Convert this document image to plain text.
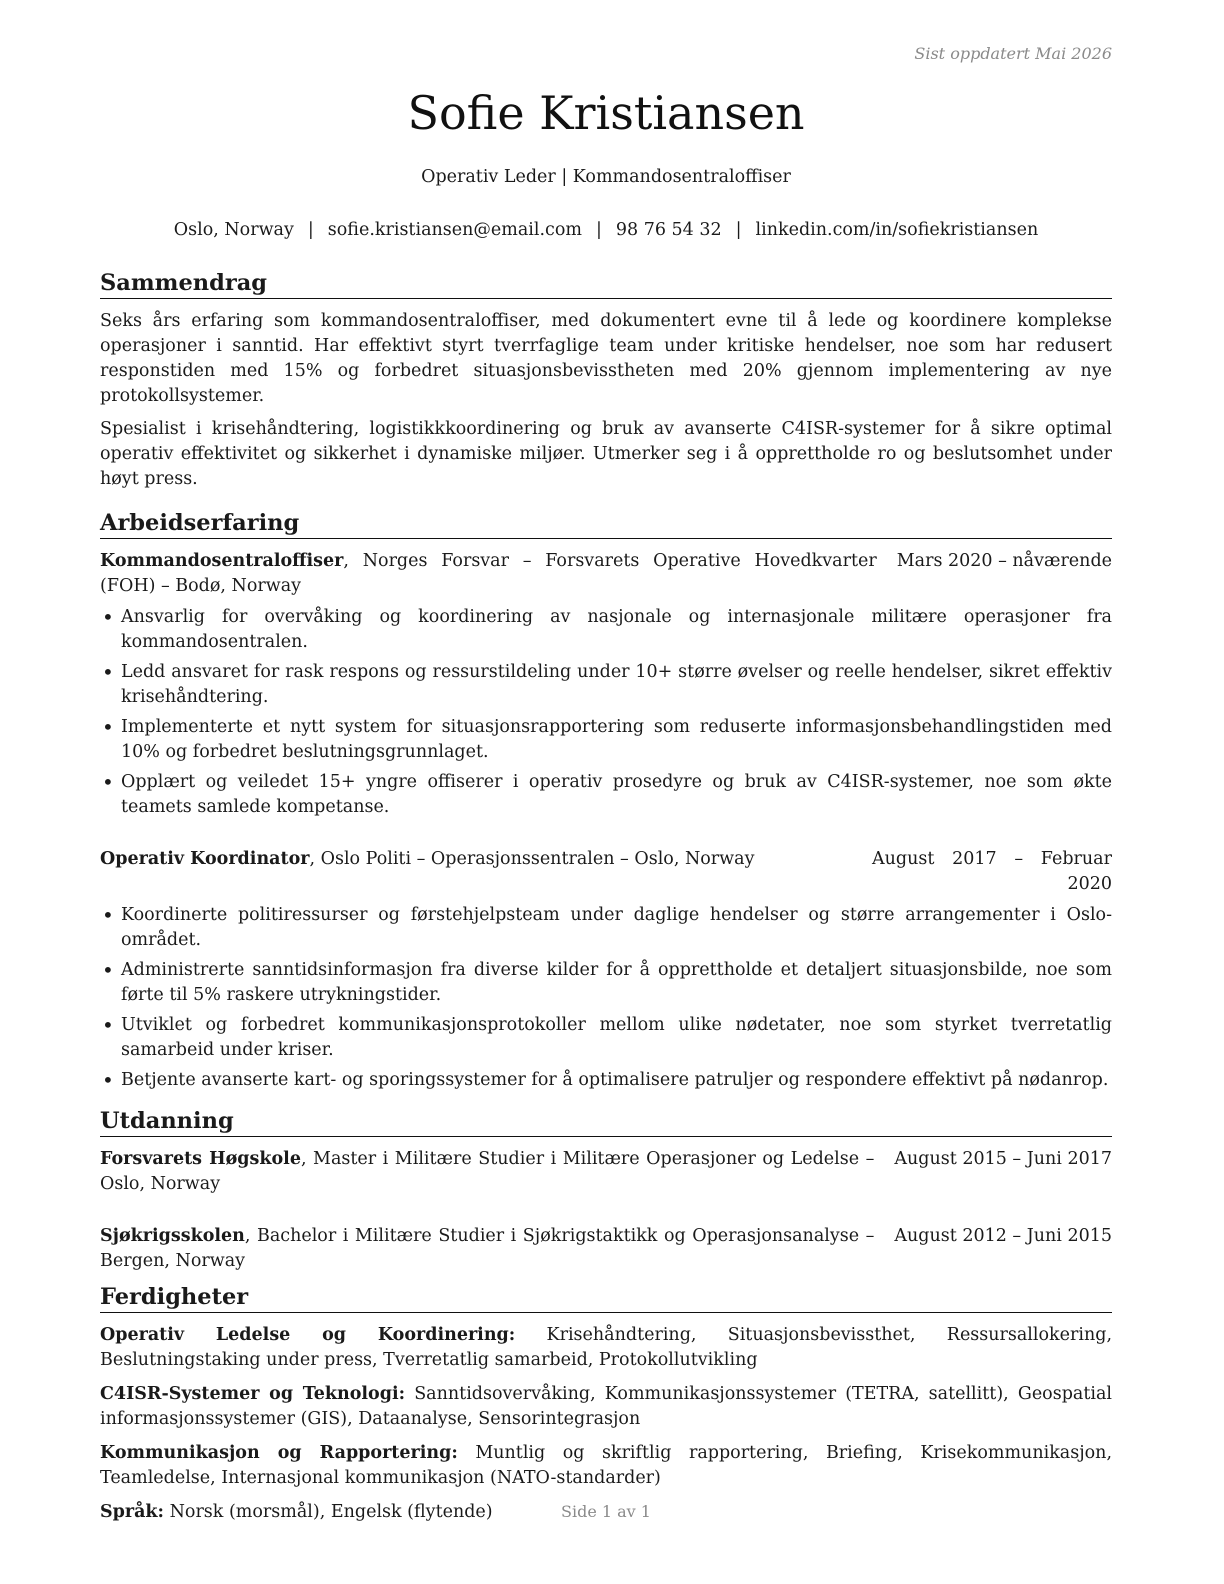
Sist oppdatert Mai 2026
Sofie Kristiansen
Operativ Leder | Kommandosentraloffiser
Oslo, Norway | sofie.kristiansen@email.com | 98 76 54 32 | linkedin.com/in/sofiekristiansen
Sammendrag

Seks års erfaring som kommandosentraloffiser, med dokumentert evne til å lede og koordinere komplekse operasjoner i sanntid. Har effektivt styrt tverrfaglige team under kritiske hendelser, noe som har redusert responstiden med 15% og forbedret situasjonsbevisstheten med 20% gjennom implementering av nye protokollsystemer.

Spesialist i krisehåndtering, logistikkkoordinering og bruk av avanserte C4ISR-systemer for å sikre optimal operativ effektivitet og sikkerhet i dynamiske miljøer. Utmerker seg i å opprettholde ro og beslutsomhet under høyt press.

Arbeidserfaring
Kommandosentraloffiser, Norges Forsvar – Forsvarets Operative Hovedkvarter (FOH) – Bodø, Norway
Mars 2020 – nåværende
• Ansvarlig for overvåking og koordinering av nasjonale og internasjonale militære operasjoner fra kommandosentralen.
• Ledd ansvaret for rask respons og ressurstildeling under 10+ større øvelser og reelle hendelser, sikret effektiv krisehåndtering.
• Implementerte et nytt system for situasjonsrapportering som reduserte informasjonsbehandlingstiden med 10% og forbedret beslutningsgrunnlaget.
• Opplært og veiledet 15+ yngre offiserer i operativ prosedyre og bruk av C4ISR-systemer, noe som økte teamets samlede kompetanse.
Operativ Koordinator, Oslo Politi – Operasjonssentralen – Oslo, Norway	August 2017 – Februar 2020
• Koordinerte politiressurser og førstehjelpsteam under daglige hendelser og større arrangementer i Oslo-området.
• Administrerte sanntidsinformasjon fra diverse kilder for å opprettholde et detaljert situasjonsbilde, noe som førte til 5% raskere utrykningstider.
• Utviklet og forbedret kommunikasjonsprotokoller mellom ulike nødetater, noe som styrket tverretatlig samarbeid under kriser.
• Betjente avanserte kart- og sporingssystemer for å optimalisere patruljer og respondere effektivt på nødanrop.
Utdanning
Forsvarets Høgskole, Master i Militære Studier i Militære Operasjoner og Ledelse – Oslo, Norway
August 2015 – Juni 2017
Sjøkrigsskolen, Bachelor i Militære Studier i Sjøkrigstaktikk og Operasjonsanalyse – Bergen, Norway
August 2012 – Juni 2015
Ferdigheter

Operativ Ledelse og Koordinering: Krisehåndtering, Situasjonsbevissthet, Ressursallokering, Beslutningstaking under press, Tverretatlig samarbeid, Protokollutvikling

C4ISR-Systemer og Teknologi: Sanntidsovervåking, Kommunikasjonssystemer (TETRA, satellitt), Geospatial informasjonssystemer (GIS), Dataanalyse, Sensorintegrasjon

Kommunikasjon og Rapportering: Muntlig og skriftlig rapportering, Briefing, Krisekommunikasjon, Teamledelse, Internasjonal kommunikasjon (NATO-standarder)

Språk: Norsk (morsmål), Engelsk (flytende)	Side 1 av 1
